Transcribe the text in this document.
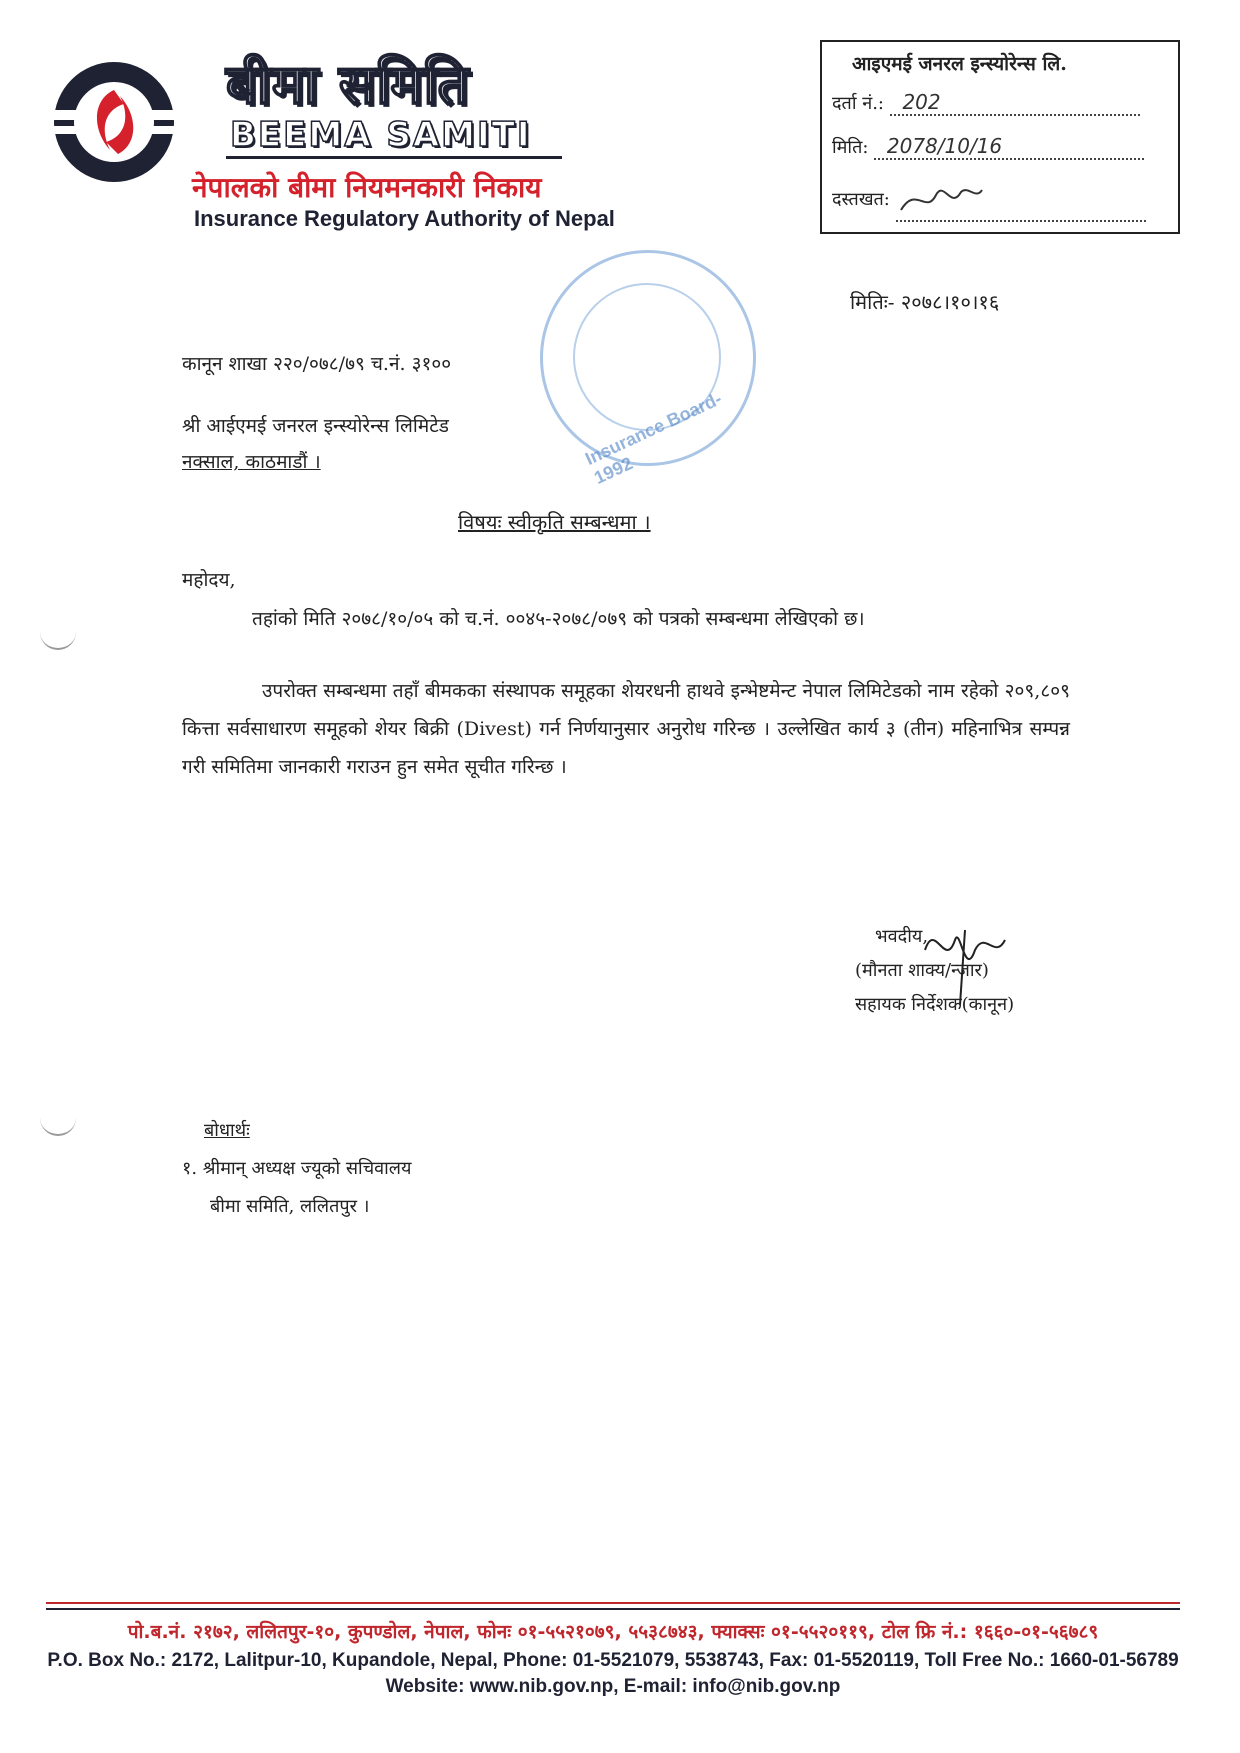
बीमा समिति
BEEMA SAMITI
नेपालको बीमा नियमनकारी निकाय
Insurance Regulatory Authority of Nepal
आइएमई जनरल इन्स्योरेन्स लि.
दर्ता नं.: 202
मिति: 2078/10/16
दस्तखत:
Insurance Board-1992
मितिः- २०७८।१०।१६
कानून शाखा २२०/०७८/७९ च.नं. ३१००
श्री आईएमई जनरल इन्स्योरेन्स लिमिटेड
नक्साल, काठमाडौं ।
विषयः स्वीकृति सम्बन्धमा ।
महोदय,
तहांको मिति २०७८/१०/०५ को च.नं. ००४५-२०७८/०७९ को पत्रको सम्बन्धमा लेखिएको छ।
उपरोक्त सम्बन्धमा तहाँ बीमकका संस्थापक समूहका शेयरधनी हाथवे इन्भेष्टमेन्ट नेपाल लिमिटेडको नाम रहेको २०९,८०९ कित्ता सर्वसाधारण समूहको शेयर बिक्री (Divest) गर्न निर्णयानुसार अनुरोध गरिन्छ । उल्लेखित कार्य ३ (तीन) महिनाभित्र सम्पन्न गरी समितिमा जानकारी गराउन हुन समेत सूचीत गरिन्छ ।
भवदीय,
(मौनता शाक्य/न्जार)
सहायक निर्देशक(कानून)
बोधार्थः
१. श्रीमान् अध्यक्ष ज्यूको सचिवालय
बीमा समिति, ललितपुर ।
पो.ब.नं. २१७२, ललितपुर-१०, कुपण्डोल, नेपाल, फोनः ०१-५५२१०७९, ५५३८७४३, फ्याक्सः ०१-५५२०११९, टोल फ्रि नं.: १६६०-०१-५६७८९
P.O. Box No.: 2172, Lalitpur-10, Kupandole, Nepal, Phone: 01-5521079, 5538743, Fax: 01-5520119, Toll Free No.: 1660-01-56789
Website: www.nib.gov.np, E-mail: info@nib.gov.np
